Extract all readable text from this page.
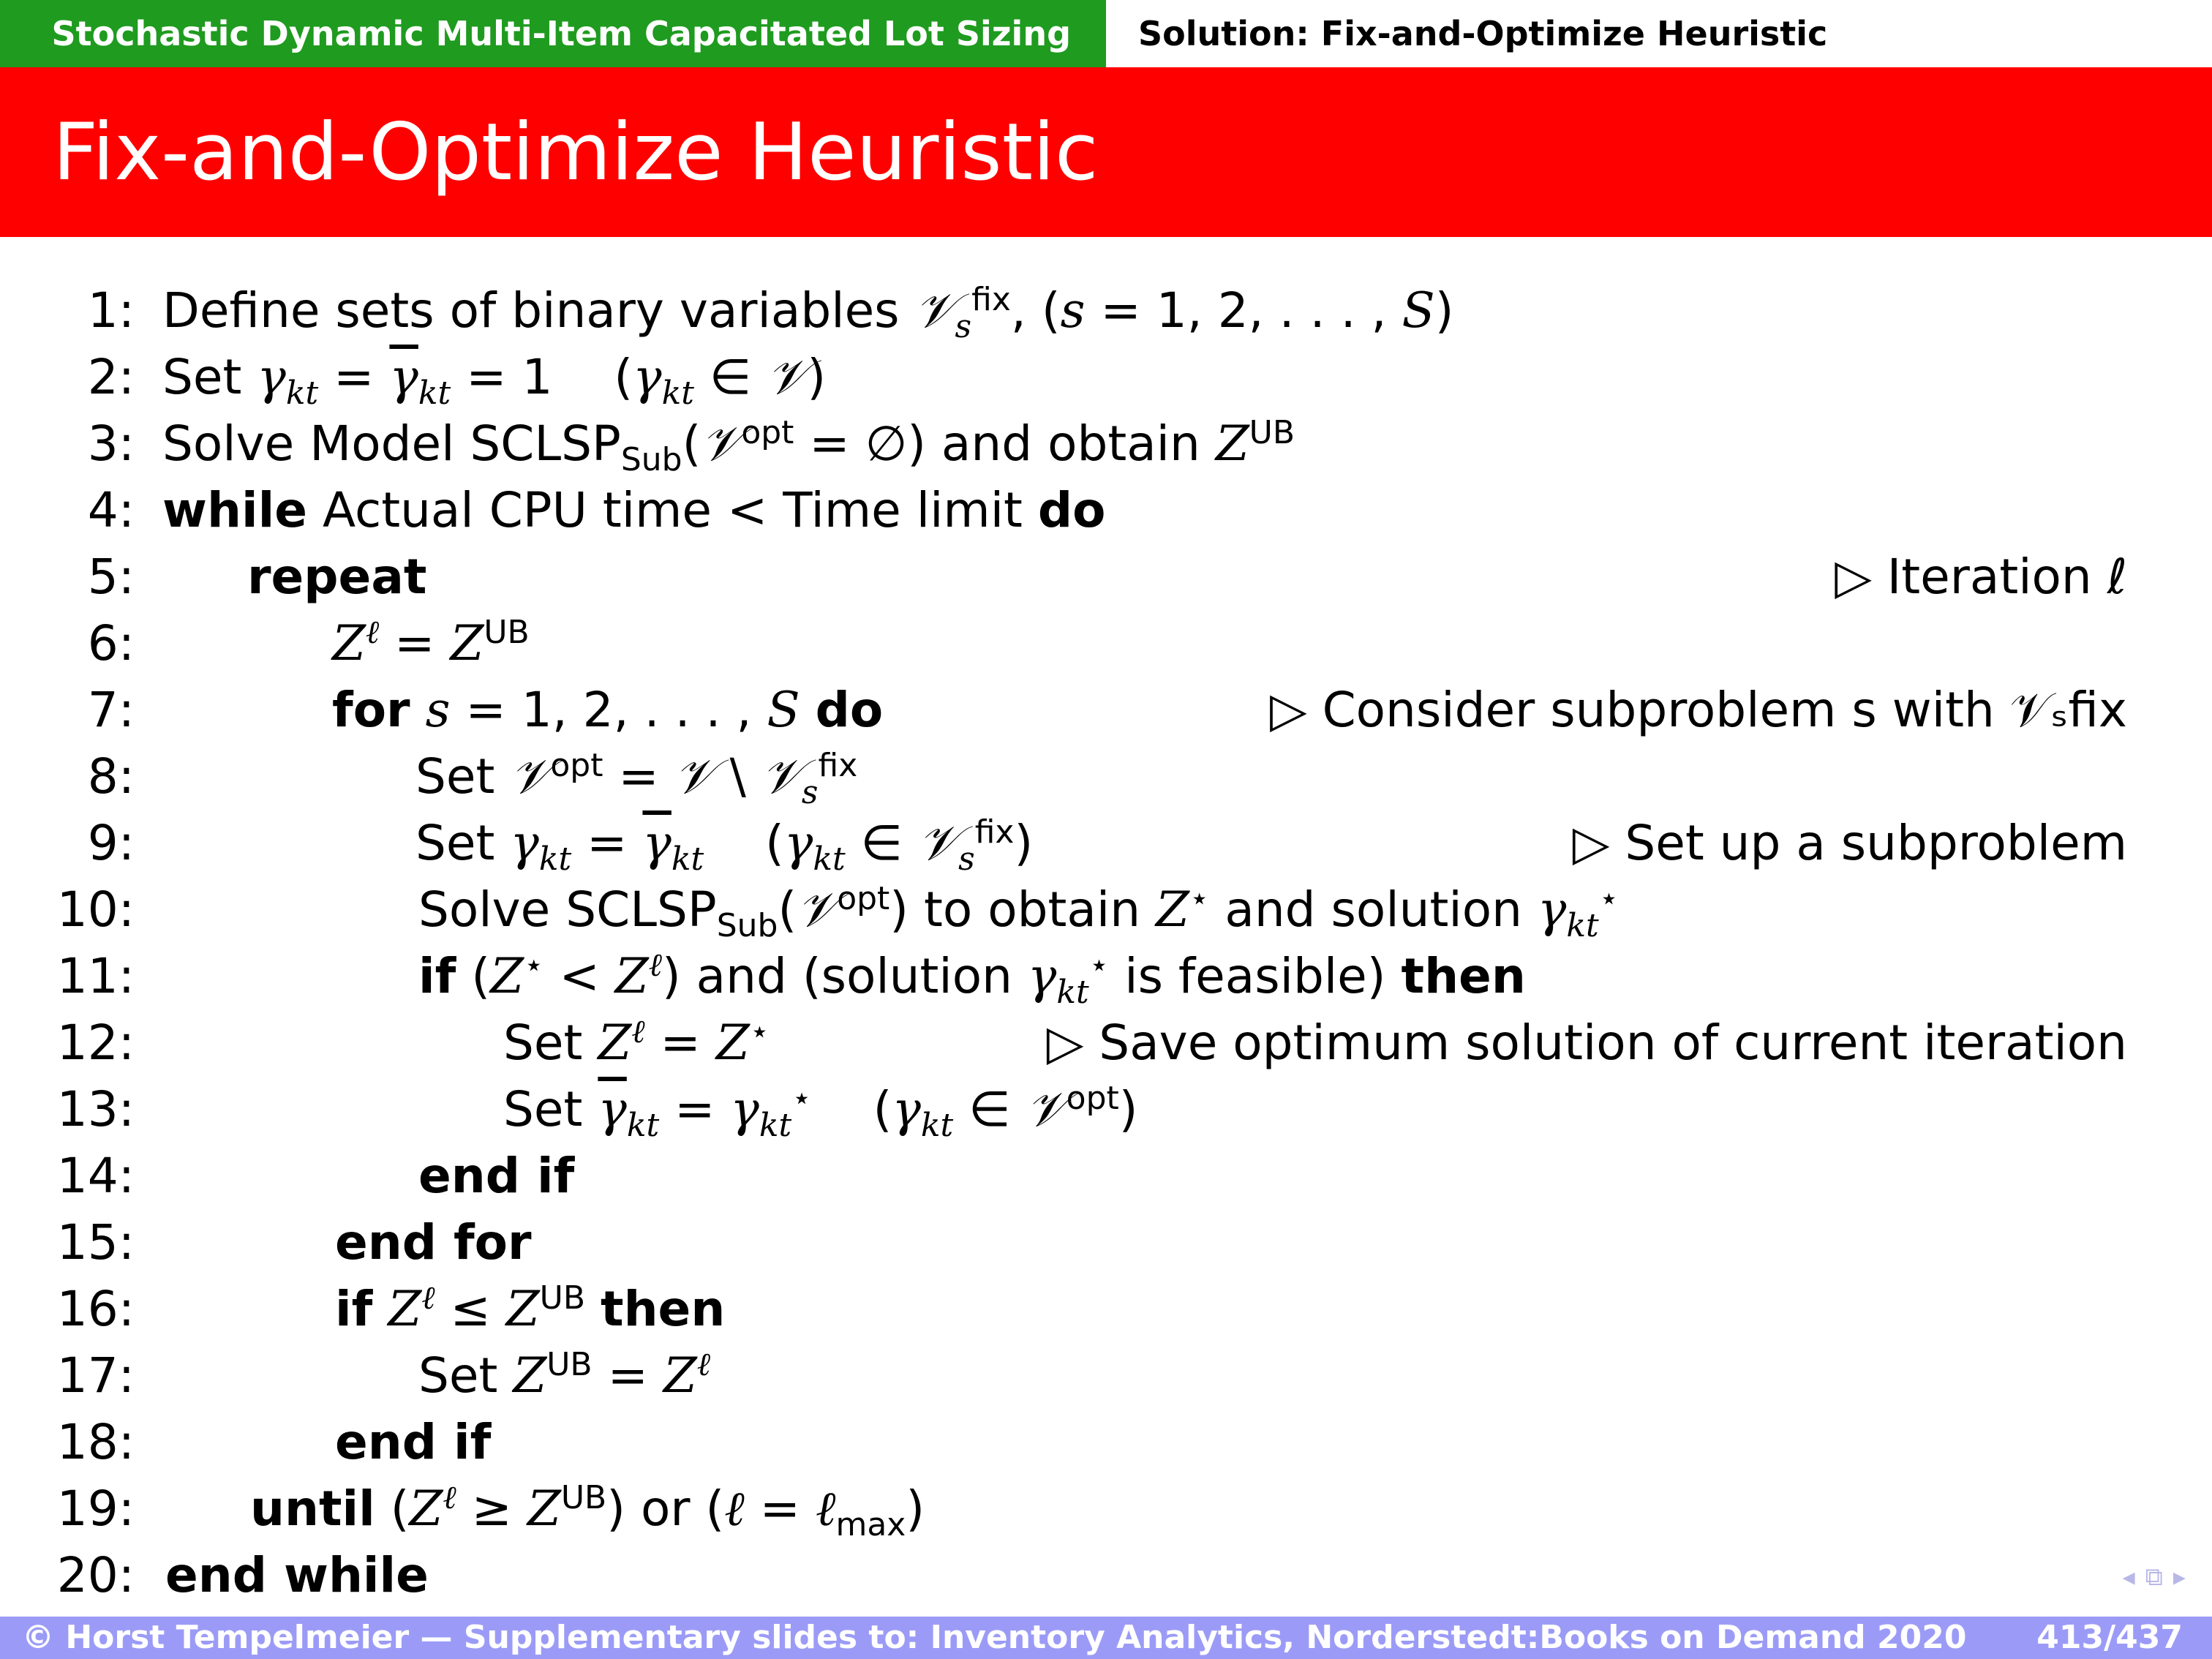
Stochastic Dynamic Multi-Item Capacitated Lot Sizing	Solution: Fix-and-Optimize Heuristic
Fix-and-Optimize Heuristic
1: Define sets of binary variables 𝒱$_s^{fix}$, (s = 1, 2, . . . , S)
2: Set $\gamma_{kt} = \overline{\gamma}_{kt} = 1$    ($\gamma_{kt}$ ∈ 𝒱)
3: Solve Model $SCLSP_{Sub}(𝒱^{opt}$ = ∅) and obtain $Z^{UB}$
4: while Actual CPU time < Time limit do
5: repeat	▷ Iteration ℓ
6:	$Z^\ell = Z^{UB}$
7:	for s = 1, 2, . . . , S do	▷ Consider subproblem s with 𝒱ₛfix
8:	Set 𝒱$^{opt}$ = 𝒱 \ 𝒱$_s^{fix}$
9:	Set $\gamma_{kt} = \overline{\gamma}_{kt}$    ($\gamma_{kt}$ ∈ 𝒱$_s^{fix}$)	▷ Set up a subproblem
10:	Solve $SCLSP_{Sub}(𝒱^{opt})$ to obtain Z⋆ and solution $\gamma_{kt}^⋆$
11:	if $(Z^⋆ < Z^\ell)$ and (solution $\gamma_{kt}^⋆$ is feasible) then
12:	Set $Z^\ell = Z^⋆$	▷ Save optimum solution of current iteration
13:	Set $\overline{\gamma}_{kt} = \gamma_{kt}^⋆$    ($\gamma_{kt}$ ∈ 𝒱$^{opt}$)
14:	end if
15:	end for
16:	if $Z^\ell \le Z^{UB}$ then
17:	Set $Z^{UB} = Z^\ell$
18:	end if
19: until $(Z^\ell \ge Z^{UB})$ or (ℓ = ℓ$_{max}$)
20: end while	◂ ⧉ ▸
© Horst Tempelmeier — Supplementary slides to: Inventory Analytics, Norderstedt:Books on Demand 2020 413/437
